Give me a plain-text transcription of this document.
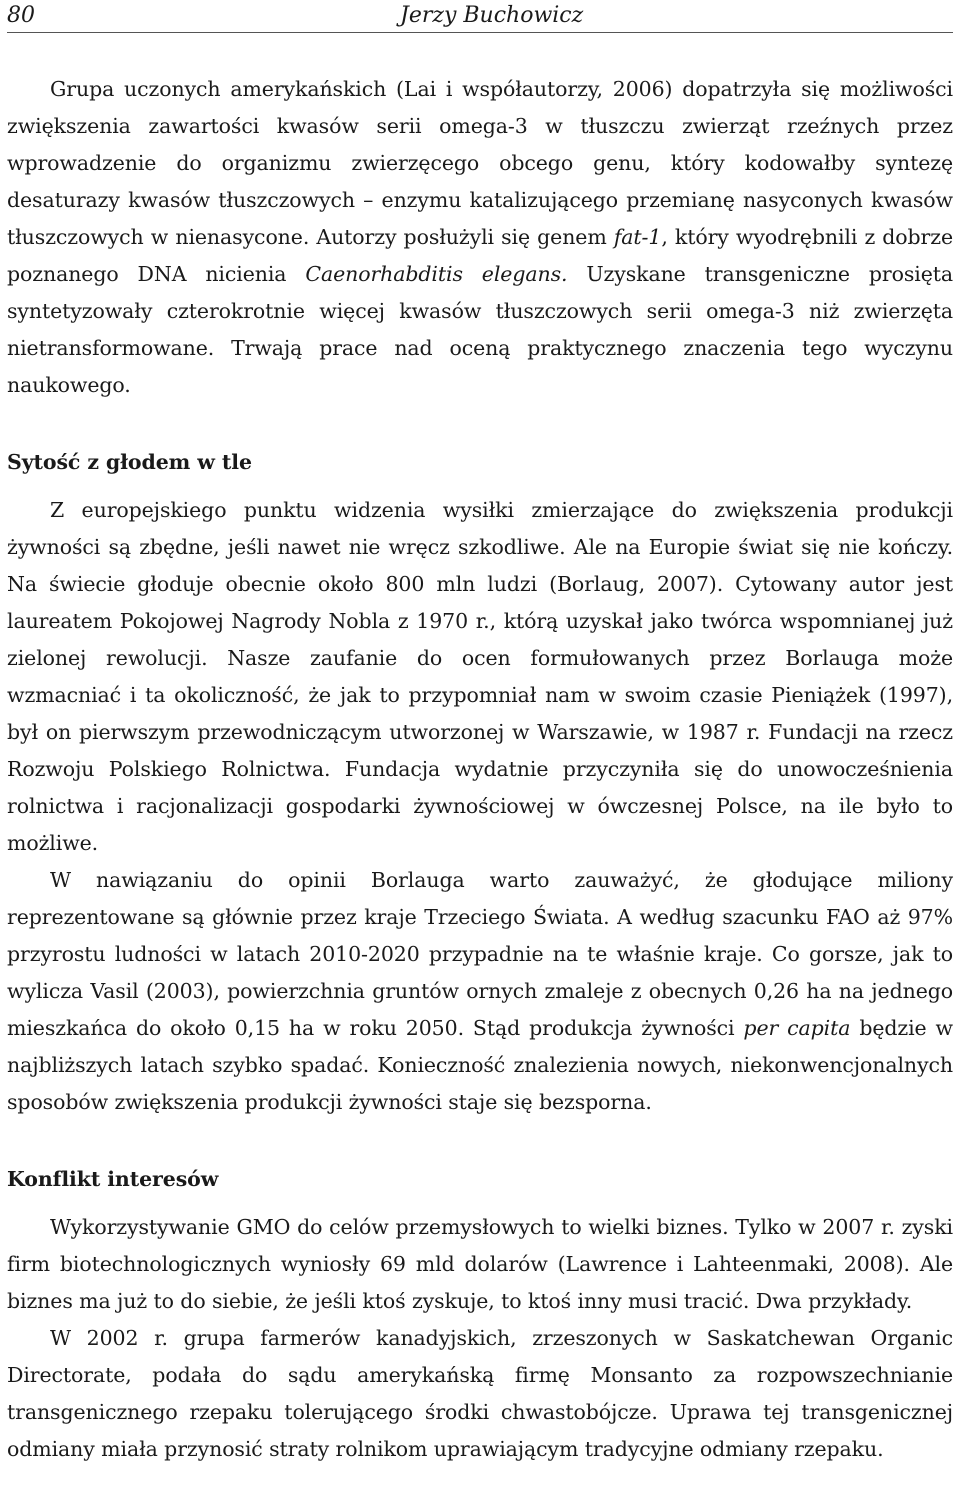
80	Jerzy Buchowicz

Grupa uczonych amerykańskich (Lai i współautorzy, 2006) dopatrzyła się możliwości zwiększenia zawartości kwasów serii omega-3 w tłuszczu zwierząt rzeźnych przez wprowadzenie do organizmu zwierzęcego obcego genu, który kodowałby syntezę desaturazy kwasów tłuszczowych – enzymu katalizującego przemianę nasyconych kwasów tłuszczowych w nienasycone. Autorzy posłużyli się genem fat-1, który wyodrębnili z dobrze poznanego DNA nicienia Caenorhabditis elegans. Uzyskane transgeniczne prosięta syntetyzowały czterokrotnie więcej kwasów tłuszczowych serii omega-3 niż zwierzęta nietransformowane. Trwają prace nad oceną praktycznego znaczenia tego wyczynu naukowego.

Sytość z głodem w tle

Z europejskiego punktu widzenia wysiłki zmierzające do zwiększenia produkcji żywności są zbędne, jeśli nawet nie wręcz szkodliwe. Ale na Europie świat się nie kończy. Na świecie głoduje obecnie około 800 mln ludzi (Borlaug, 2007). Cytowany autor jest laureatem Pokojowej Nagrody Nobla z 1970 r., którą uzyskał jako twórca wspomnianej już zielonej rewolucji. Nasze zaufanie do ocen formułowanych przez Borlauga może wzmacniać i ta okoliczność, że jak to przypomniał nam w swoim czasie Pieniążek (1997), był on pierwszym przewodniczącym utworzonej w Warszawie, w 1987 r. Fundacji na rzecz Rozwoju Polskiego Rolnictwa. Fundacja wydatnie przyczyniła się do unowocześnienia rolnictwa i racjonalizacji gospodarki żywnościowej w ówczesnej Polsce, na ile było to możliwe.

W nawiązaniu do opinii Borlauga warto zauważyć, że głodujące miliony reprezentowane są głównie przez kraje Trzeciego Świata. A według szacunku FAO aż 97% przyrostu ludności w latach 2010-2020 przypadnie na te właśnie kraje. Co gorsze, jak to wylicza Vasil (2003), powierzchnia gruntów ornych zmaleje z obecnych 0,26 ha na jednego mieszkańca do około 0,15 ha w roku 2050. Stąd produkcja żywności per capita będzie w najbliższych latach szybko spadać. Konieczność znalezienia nowych, niekonwencjonalnych sposobów zwiększenia produkcji żywności staje się bezsporna.

Konflikt interesów

Wykorzystywanie GMO do celów przemysłowych to wielki biznes. Tylko w 2007 r. zyski firm biotechnologicznych wyniosły 69 mld dolarów (Lawrence i Lahteenmaki, 2008). Ale biznes ma już to do siebie, że jeśli ktoś zyskuje, to ktoś inny musi tracić. Dwa przykłady.

W 2002 r. grupa farmerów kanadyjskich, zrzeszonych w Saskatchewan Organic Directorate, podała do sądu amerykańską firmę Monsanto za rozpowszechnianie transgenicznego rzepaku tolerującego środki chwastobójcze. Uprawa tej transgenicznej odmiany miała przynosić straty rolnikom uprawiającym tradycyjne odmiany rzepaku.
